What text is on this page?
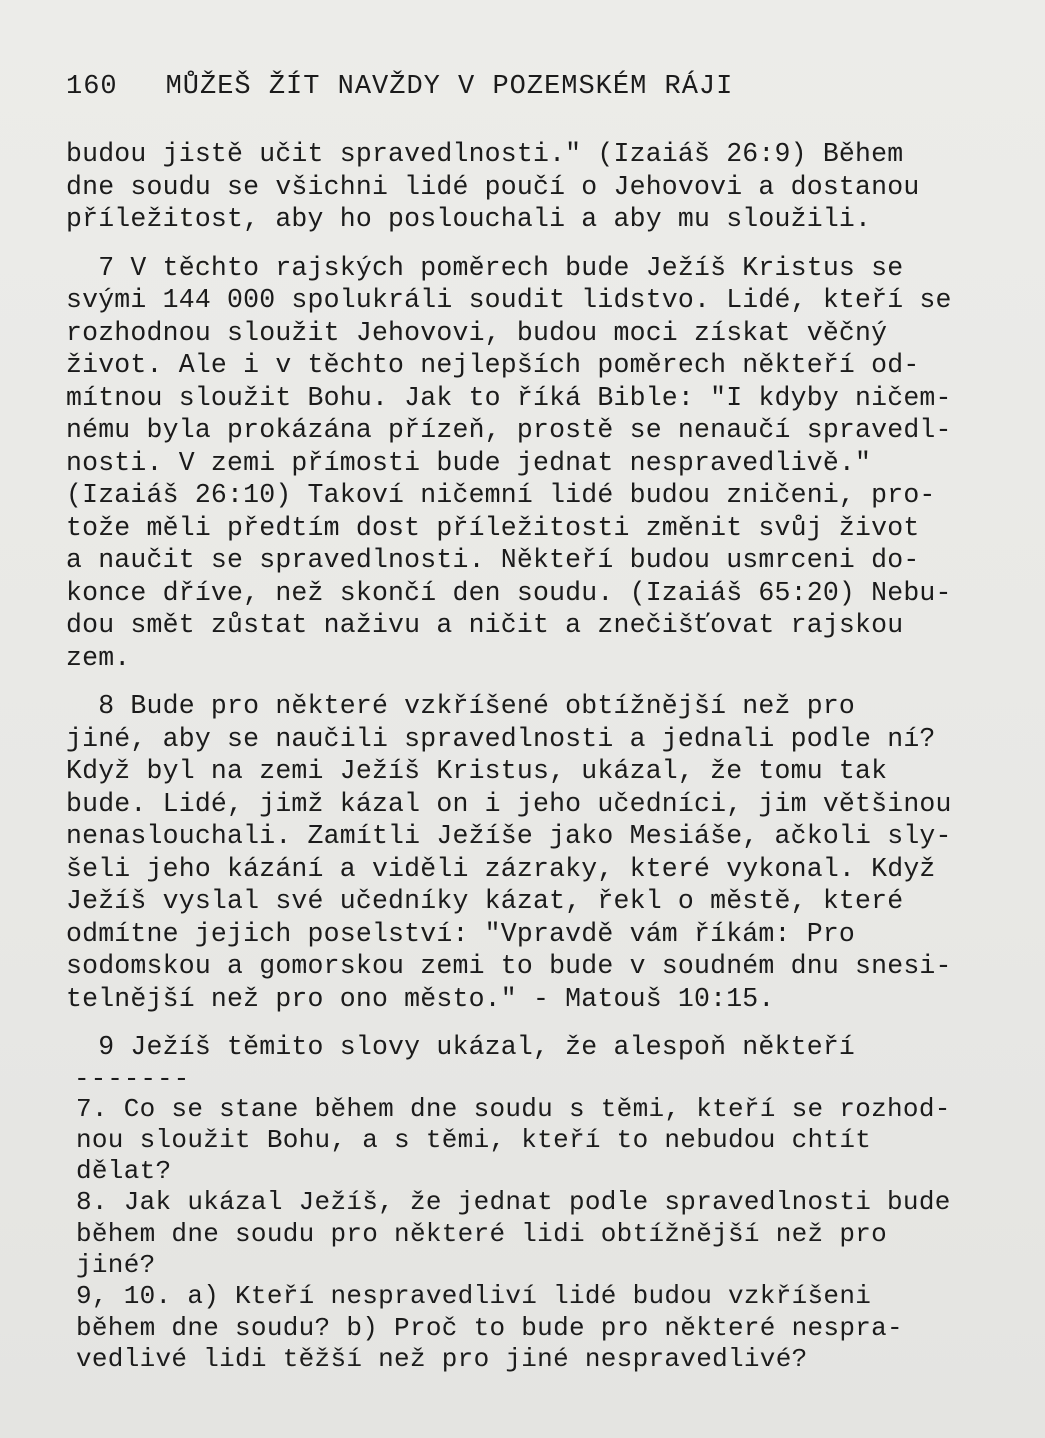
160 MŮŽEŠ ŽÍT NAVŽDY V POZEMSKÉM RÁJI
budou jistě učit spravedlnosti." (Izaiáš 26:9) Během
dne soudu se všichni lidé poučí o Jehovovi a dostanou
příležitost, aby ho poslouchali a aby mu sloužili.
7 V těchto rajských poměrech bude Ježíš Kristus se
svými 144 000 spolukráli soudit lidstvo. Lidé, kteří se
rozhodnou sloužit Jehovovi, budou moci získat věčný
život. Ale i v těchto nejlepších poměrech někteří od-
mítnou sloužit Bohu. Jak to říká Bible: "I kdyby ničem-
nému byla prokázána přízeň, prostě se nenaučí spravedl-
nosti. V zemi přímosti bude jednat nespravedlivě."
(Izaiáš 26:10) Takoví ničemní lidé budou zničeni, pro-
tože měli předtím dost příležitosti změnit svůj život
a naučit se spravedlnosti. Někteří budou usmrceni do-
konce dříve, než skončí den soudu. (Izaiáš 65:20) Nebu-
dou smět zůstat naživu a ničit a znečišťovat rajskou
zem.
8 Bude pro některé vzkříšené obtížnější než pro
jiné, aby se naučili spravedlnosti a jednali podle ní?
Když byl na zemi Ježíš Kristus, ukázal, že tomu tak
bude. Lidé, jimž kázal on i jeho učedníci, jim většinou
nenaslouchali. Zamítli Ježíše jako Mesiáše, ačkoli sly-
šeli jeho kázání a viděli zázraky, které vykonal. Když
Ježíš vyslal své učedníky kázat, řekl o městě, které
odmítne jejich poselství: "Vpravdě vám říkám: Pro
sodomskou a gomorskou zemi to bude v soudném dnu snesi-
telnější než pro ono město." - Matouš 10:15.
9 Ježíš těmito slovy ukázal, že alespoň někteří
-------
7. Co se stane během dne soudu s těmi, kteří se rozhod-
nou sloužit Bohu, a s těmi, kteří to nebudou chtít
dělat?
8. Jak ukázal Ježíš, že jednat podle spravedlnosti bude
během dne soudu pro některé lidi obtížnější než pro
jiné?
9, 10. a) Kteří nespravedliví lidé budou vzkříšeni
během dne soudu? b) Proč to bude pro některé nespra-
vedlivé lidi těžší než pro jiné nespravedlivé?
